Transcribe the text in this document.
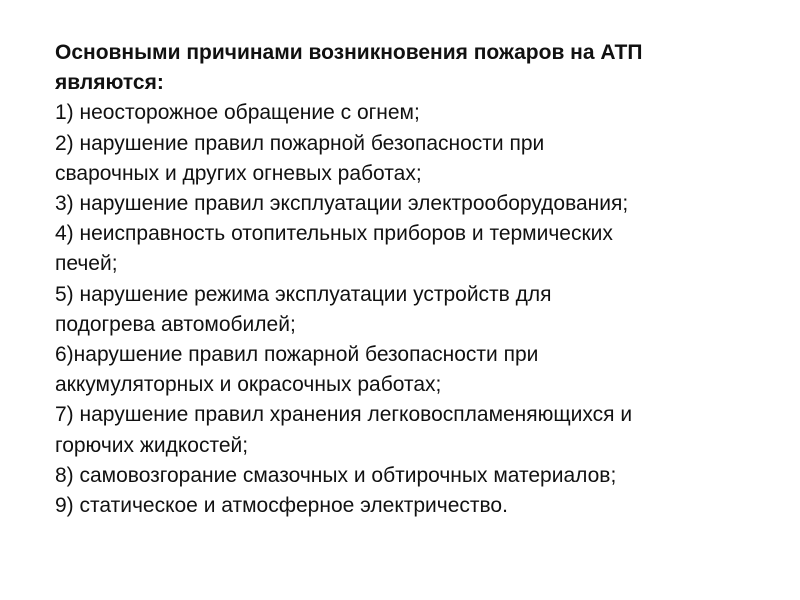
Основными причинами возникновения пожаров на АТП
являются:

1) неосторожное обращение с огнем;

2) нарушение правил пожарной безопасности при

сварочных и других огневых работах;

3) нарушение правил эксплуатации электрооборудования;

4) неисправность отопительных приборов и термических

печей;

5) нарушение режима эксплуатации устройств для

подогрева автомобилей;

6)нарушение правил пожарной безопасности при

аккумуляторных и окрасочных работах;

7) нарушение правил хранения легковоспламеняющихся и

горючих жидкостей;

8) самовозгорание смазочных и обтирочных материалов;

9) статическое и атмосферное электричество.
